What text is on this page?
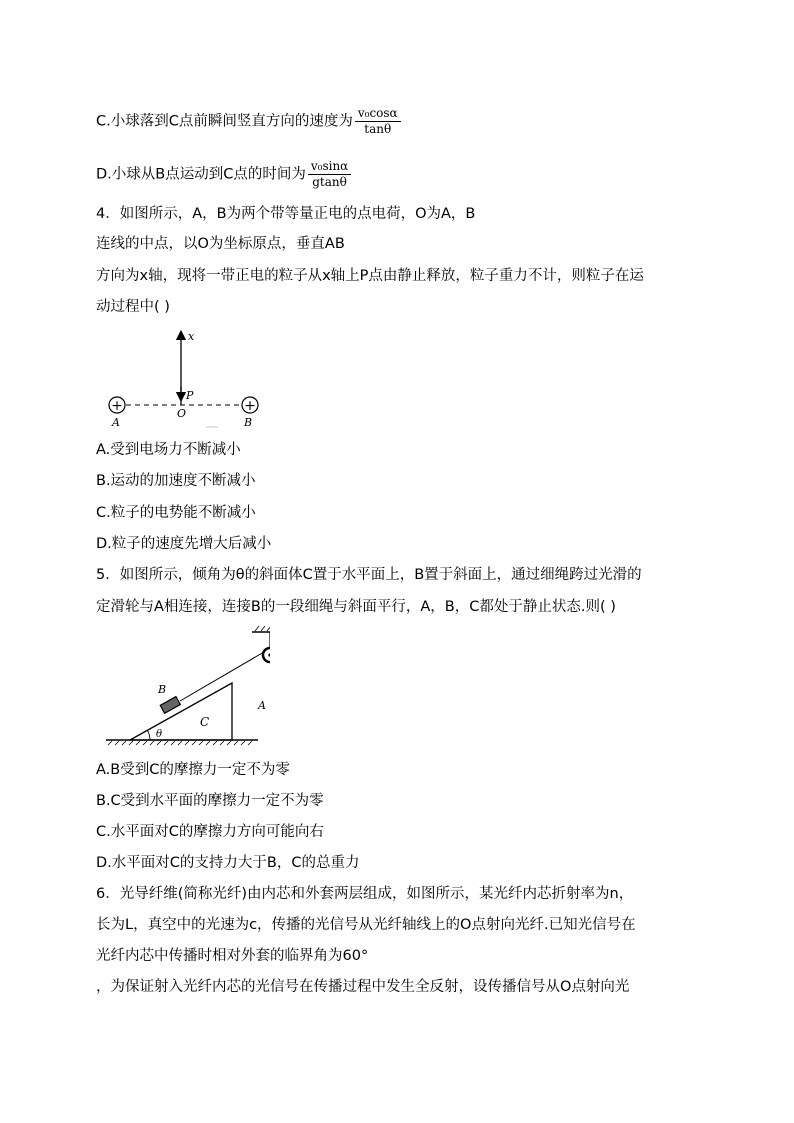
C.小球落到C点前瞬间竖直方向的速度为 $\frac{\text{v₀cosα}}{\tan\theta}$
D.小球从B点运动到C点的时间为 $\frac{\text{v₀sinα}}{gtan\theta}$
4．如图所示，A，B为两个带等量正电的点电荷，O为A，B
连线的中点，以O为坐标原点，垂直AB
方向为x轴，现将一带正电的粒子从x轴上P点由静止释放，粒子重力不计，则粒子在运
动过程中( )
x
P
+	+
A
O
B
A.受到电场力不断减小
B.运动的加速度不断减小
C.粒子的电势能不断减小
D.粒子的速度先增大后减小
5．如图所示，倾角为θ的斜面体C置于水平面上，B置于斜面上，通过细绳跨过光滑的
定滑轮与A相连接，连接B的一段细绳与斜面平行，A，B，C都处于静止状态.则( )
A
C
θ
B
A.B受到C的摩擦力一定不为零
B.C受到水平面的摩擦力一定不为零
C.水平面对C的摩擦力方向可能向右
D.水平面对C的支持力大于B，C的总重力
6．光导纤维(简称光纤)由内芯和外套两层组成，如图所示，某光纤内芯折射率为n，
长为L，真空中的光速为c，传播的光信号从光纤轴线上的O点射向光纤.已知光信号在
光纤内芯中传播时相对外套的临界角为60°
，为保证射入光纤内芯的光信号在传播过程中发生全反射，设传播信号从O点射向光
